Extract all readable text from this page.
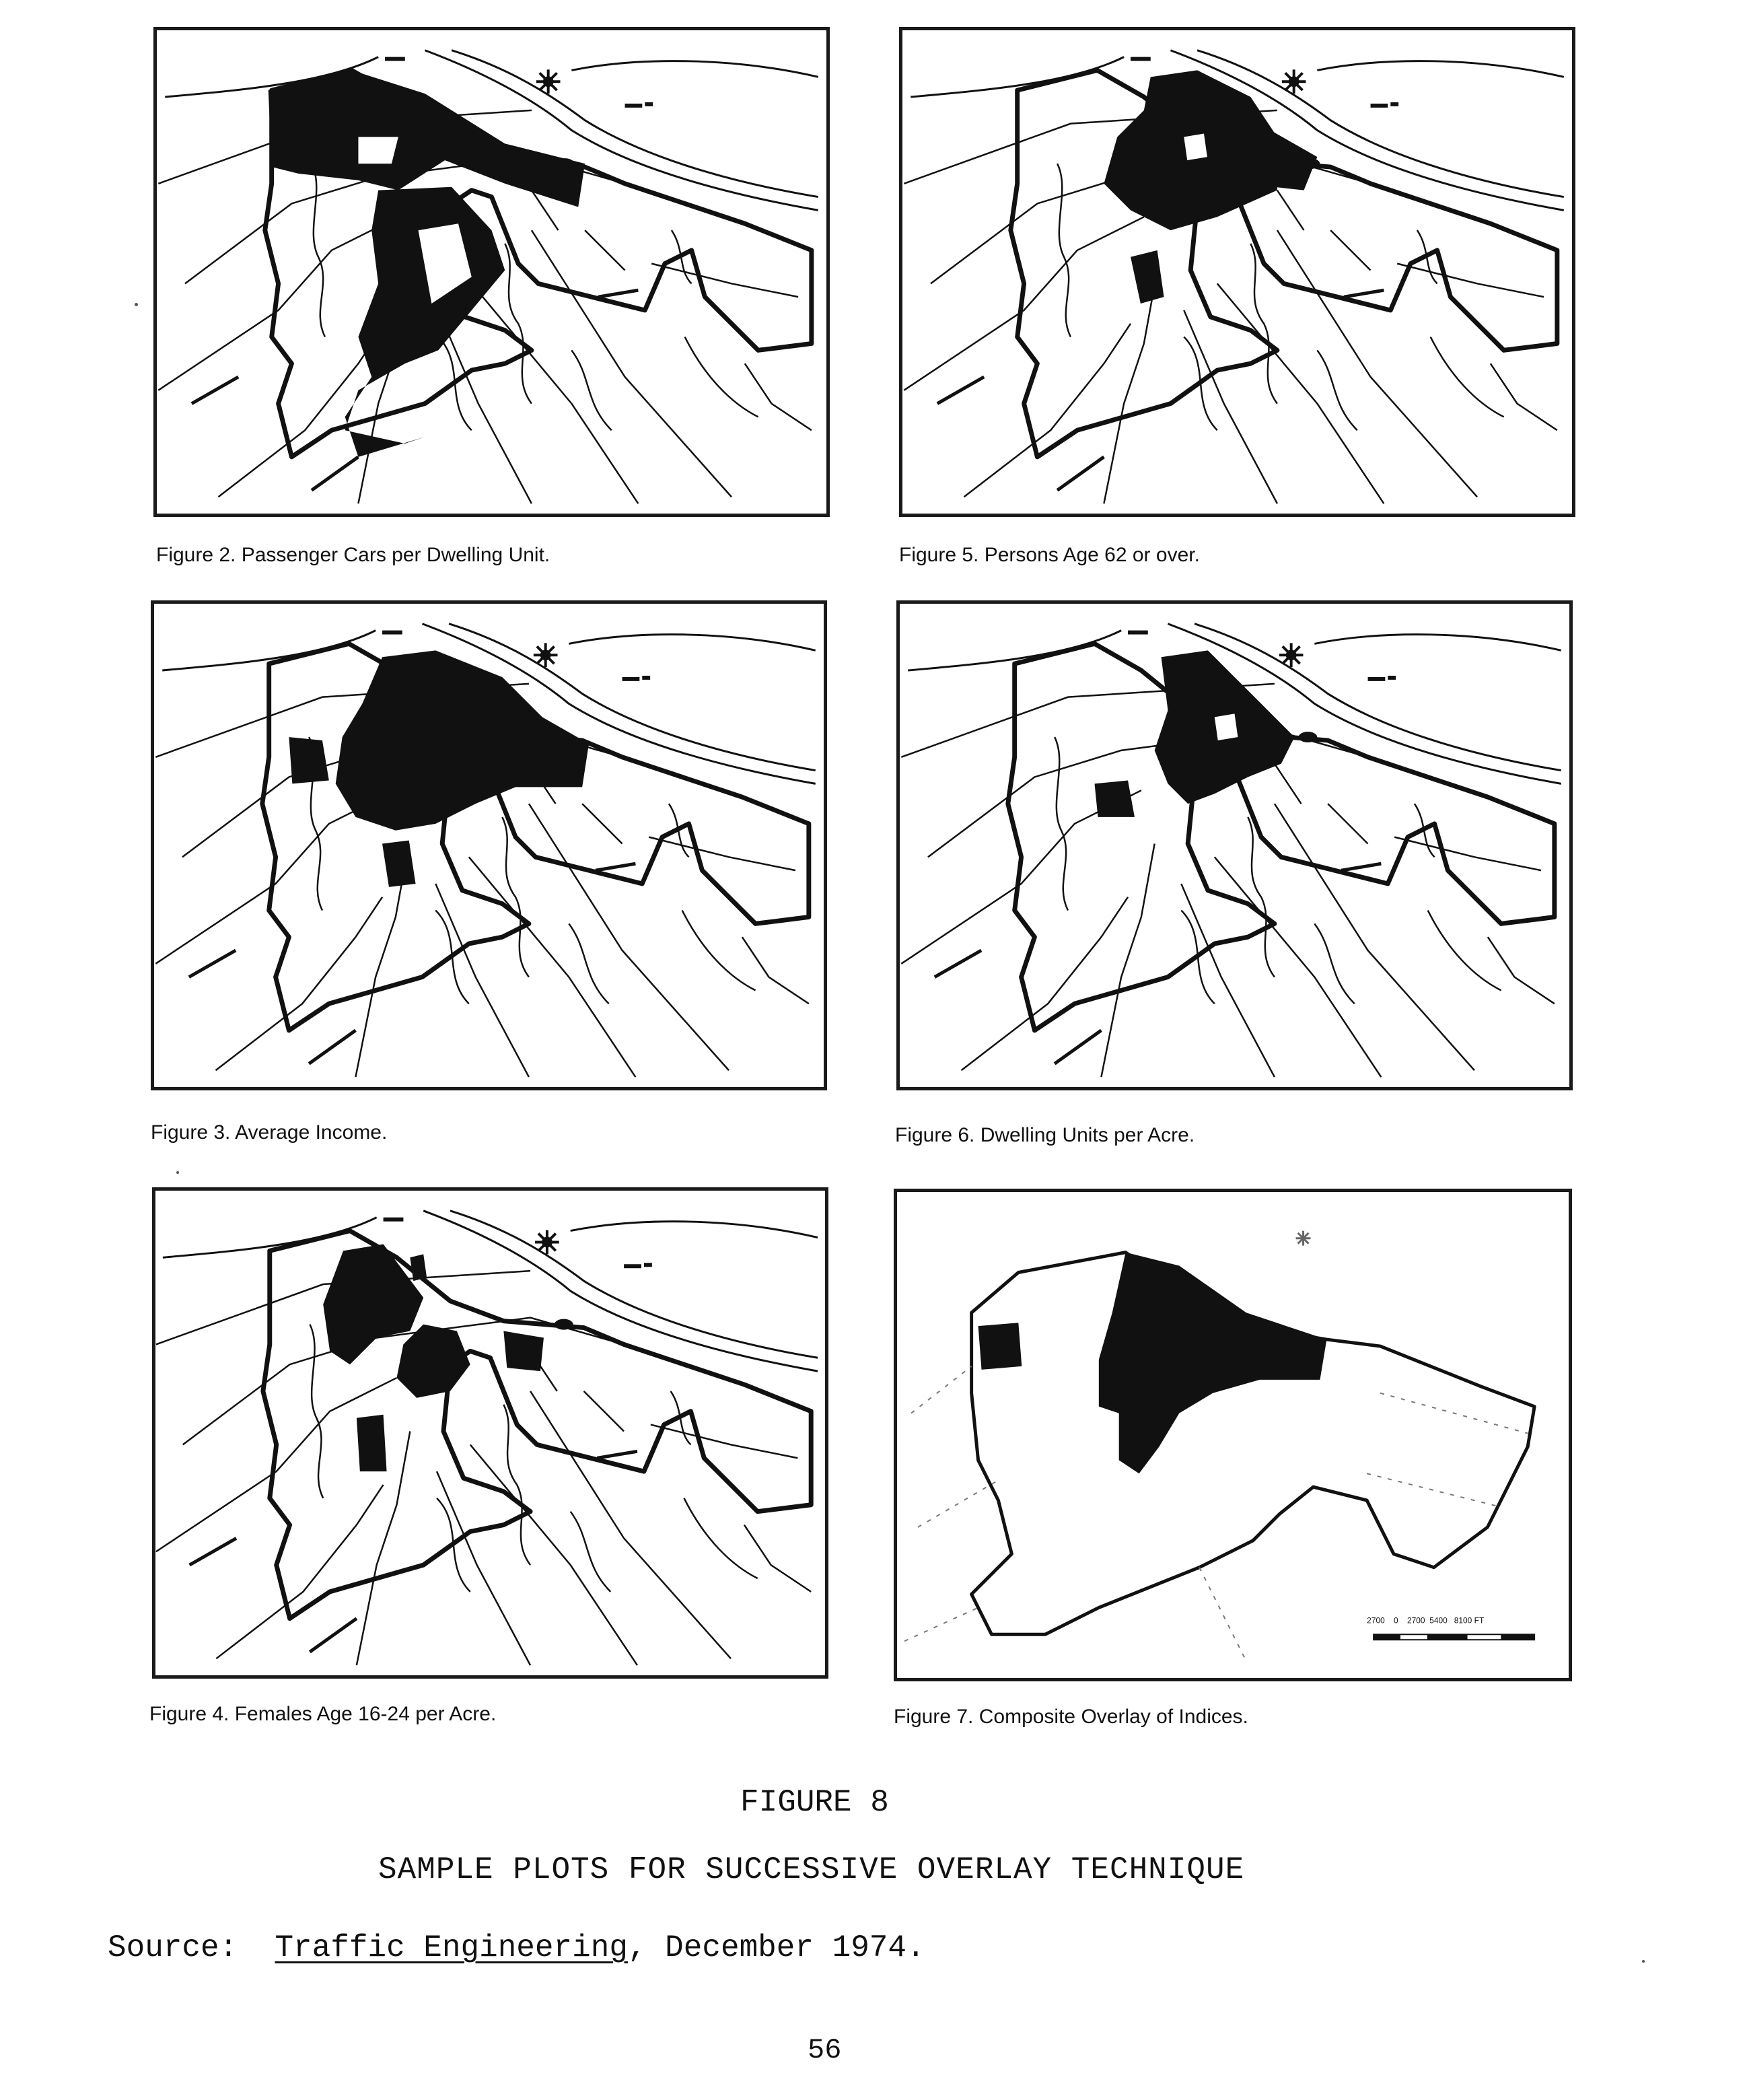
Figure 2. Passenger Cars per Dwelling Unit.	Figure 5. Persons Age 62 or over.
Figure 3. Average Income.	Figure 6. Dwelling Units per Acre.
Figure 4. Females Age 16-24 per Acre.
2700    0    2700  5400   8100 FT
Figure 7. Composite Overlay of Indices.
FIGURE 8
SAMPLE PLOTS FOR SUCCESSIVE OVERLAY TECHNIQUE
Source: Traffic Engineering, December 1974.
56
